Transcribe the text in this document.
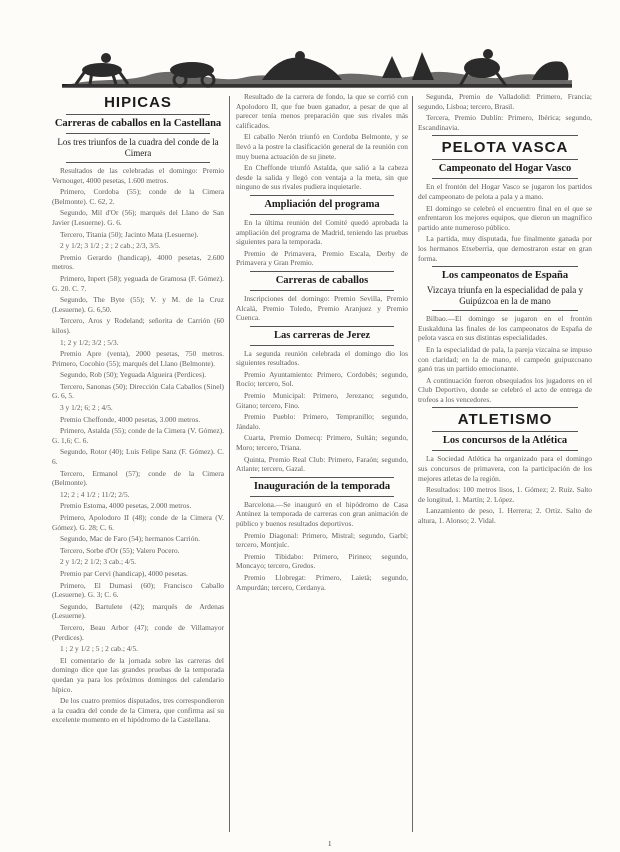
HIPICAS
Carreras de caballos en la Castellana
Los tres triunfos de la cuadra del conde de la Cimera

Resultados de las celebradas el domingo: Premio Vernouget, 4000 pesetas, 1.600 metros.

Primero, Cordoba (55); conde de la Cimera (Belmonte). C. 62, 2.

Segundo, Mil d'Or (56); marqués del Llano de San Javier (Lesuerne). G. 6.

Tercero, Titania (50); Jacinto Mata (Lesuerne).

2 y 1/2; 3 1/2 ; 2 ; 2 cab.; 2/3, 3/5.

Premio Gerardo (handicap), 4000 pesetas, 2.600 metros.

Primero, Inpert (58); yeguada de Gramosa (F. Gómez). G. 20. C. 7.

Segundo, The Byte (55); V. y M. de la Cruz (Lesuerne). G. 6,50.

Tercero, Aros y Rodeland; señorita de Carrión (60 kilos).

1; 2 y 1/2; 3/2 ; 5/3.

Premio Apre (venta), 2000 pesetas, 750 metros. Primero, Cocohio (55); marqués del Llano (Belmonte).

Segundo, Rob (50); Yeguada Algueira (Perdices).

Tercero, Sanonas (50); Dirección Cala Caballos (Sinel) G. 6, 5.

3 y 1/2; 6; 2 ; 4/5.

Premio Cheffonde, 4000 pesetas, 3.000 metros.

Primero, Astalda (55); conde de la Cimera (V. Gómez). G. 1,6; C. 6.

Segundo, Rotor (40); Luis Felipe Sanz (F. Gómez). C. 6.

Tercero, Ermanol (57); conde de la Cimera (Belmonte).

12; 2 ; 4 1/2 ; 11/2; 2/5.

Premio Estoma, 4000 pesetas, 2.000 metros.

Primero, Apolodoro II (48); conde de la Cimera (V. Gómez). G. 28; C. 6.

Segundo, Mac de Faro (54); hermanos Carrión.

Tercero, Sorbe d'Or (55); Valero Pocero.

2 y 1/2; 2 1/2; 3 cab.; 4/5.

Premio par Cervi (handicap), 4000 pesetas.

Primero, El Dumasi (60); Francisco Caballo (Lesuerne). G. 3; C. 6.

Segundo, Bartulete (42); marqués de Ardenas (Lesuerne).

Tercero, Beau Arbor (47); conde de Villamayor (Perdices).

1 ; 2 y 1/2 ; 5 ; 2 cab.; 4/5.

El comentario de la jornada sobre las carreras del domingo dice que las grandes pruebas de la temporada quedan ya para los próximos domingos del calendario hípico.

De los cuatro premios disputados, tres correspondieron a la cuadra del conde de la Cimera, que confirma así su excelente momento en el hipódromo de la Castellana.

Resultado de la carrera de fondo, la que se corrió con Apolodoro II, que fue buen ganador, a pesar de que al parecer tenía menos preparación que sus rivales más calificados.

El caballo Nerón triunfó en Cordoba Belmonte, y se llevó a la postre la clasificación general de la reunión con muy buena actuación de su jinete.

En Cheffonde triunfó Astalda, que salió a la cabeza desde la salida y llegó con ventaja a la meta, sin que ninguno de sus rivales pudiera inquietarle.

Ampliación del programa

En la última reunión del Comité quedó aprobada la ampliación del programa de Madrid, teniendo las pruebas siguientes para la temporada.

Premio de Primavera, Premio Escala, Derby de Primavera y Gran Premio.

Carreras de caballos

Inscripciones del domingo: Premio Sevilla, Premio Alcalá, Premio Toledo, Premio Aranjuez y Premio Cuenca.

Las carreras de Jerez

La segunda reunión celebrada el domingo dio los siguientes resultados.

Premio Ayuntamiento: Primero, Cordobés; segundo, Rocío; tercero, Sol.

Premio Municipal: Primero, Jerezano; segundo, Gitano; tercero, Fino.

Premio Pueblo: Primero, Tempranillo; segundo, Jándalo.

Cuarta, Premio Domecq: Primero, Sultán; segundo, Moro; tercero, Triana.

Quinta, Premio Real Club: Primero, Faraón; segundo, Atlante; tercero, Gazal.

Inauguración de la temporada

Barcelona.—Se inauguró en el hipódromo de Casa Antúnez la temporada de carreras con gran animación de público y buenos resultados deportivos.

Premio Diagonal: Primero, Mistral; segundo, Garbí; tercero, Montjuïc.

Premio Tibidabo: Primero, Pirineo; segundo, Moncayo; tercero, Gredos.

Premio Llobregat: Primero, Laietà; segundo, Ampurdán; tercero, Cerdanya.

Segunda, Premio de Valladolid: Primero, Francia; segundo, Lisboa; tercero, Brasil.

Tercera, Premio Dublín: Primero, Ibérica; segundo, Escandinavia.

PELOTA VASCA
Campeonato del Hogar Vasco

En el frontón del Hogar Vasco se jugaron los partidos del campeonato de pelota a pala y a mano.

El domingo se celebró el encuentro final en el que se enfrentaron los mejores equipos, que dieron un magnífico partido ante numeroso público.

La partida, muy disputada, fue finalmente ganada por los hermanos Etxeberria, que demostraron estar en gran forma.

Los campeonatos de España
Vizcaya triunfa en la especialidad de pala y Guipúzcoa en la de mano

Bilbao.—El domingo se jugaron en el frontón Euskalduna las finales de los campeonatos de España de pelota vasca en sus distintas especialidades.

En la especialidad de pala, la pareja vizcaína se impuso con claridad; en la de mano, el campeón guipuzcoano ganó tras un partido emocionante.

A continuación fueron obsequiados los jugadores en el Club Deportivo, donde se celebró el acto de entrega de trofeos a los vencedores.

ATLETISMO
Los concursos de la Atlética

La Sociedad Atlética ha organizado para el domingo sus concursos de primavera, con la participación de los mejores atletas de la región.

Resultados: 100 metros lisos, 1. Gómez; 2. Ruiz. Salto de longitud, 1. Martín; 2. López.

Lanzamiento de peso, 1. Herrera; 2. Ortiz. Salto de altura, 1. Alonso; 2. Vidal.

1
